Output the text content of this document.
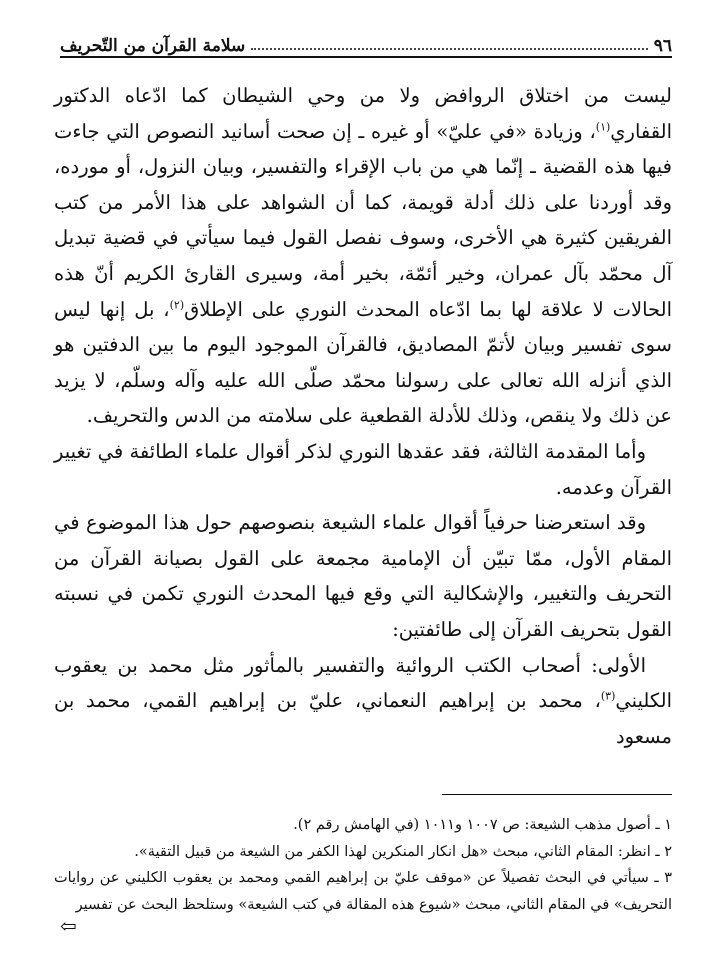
٩٦
سلامة القرآن من التّحريف

ليست من اختلاق الروافض ولا من وحي الشيطان كما ادّعاه الدكتور القفاري$^{(١)}$، وزيادة «في عليّ» أو غيره ـ إن صحت أسانيد النصوص التي جاءت فيها هذه القضية ـ إنّما هي من باب الإقراء والتفسير، وبيان النزول، أو مورده، وقد أوردنا على ذلك أدلة قويمة، كما أن الشواهد على هذا الأمر من كتب الفريقين كثيرة هي الأخرى، وسوف نفصل القول فيما سيأتي في قضية تبديل آل محمّد بآل عمران، وخير أئمّة، بخير أمة، وسيرى القارئ الكريم أنّ هذه الحالات لا علاقة لها بما ادّعاه المحدث النوري على الإطلاق$^{(٢)}$، بل إنها ليس سوى تفسير وبيان لأتمّ المصاديق، فالقرآن الموجود اليوم ما بين الدفتين هو الذي أنزله الله تعالى على رسولنا محمّد صلّى الله عليه وآله وسلّم، لا يزيد عن ذلك ولا ينقص، وذلك للأدلة القطعية على سلامته من الدس والتحريف.

وأما المقدمة الثالثة، فقد عقدها النوري لذكر أقوال علماء الطائفة في تغيير القرآن وعدمه.

وقد استعرضنا حرفياً أقوال علماء الشيعة بنصوصهم حول هذا الموضوع في المقام الأول، ممّا تبيّن أن الإمامية مجمعة على القول بصيانة القرآن من التحريف والتغيير، والإشكالية التي وقع فيها المحدث النوري تكمن في نسبته القول بتحريف القرآن إلى طائفتين:

الأولى: أصحاب الكتب الروائية والتفسير بالمأثور مثل محمد بن يعقوب الكليني$^{(٣)}$، محمد بن إبراهيم النعماني، عليّ بن إبراهيم القمي، محمد بن مسعود

١ ـ أصول مذهب الشيعة: ص ١٠٠٧ و١٠١١ (في الهامش رقم ٢).

٢ ـ انظر: المقام الثاني، مبحث «هل انكار المنكرين لهذا الكفر من الشيعة من قبيل التقية».

٣ ـ سيأتي في البحث تفصيلاً عن «موقف عليّ بن إبراهيم القمي ومحمد بن يعقوب الكليني عن روايات التحريف» في المقام الثاني، مبحث «شيوع هذه المقالة في كتب الشيعة» وستلحظ البحث عن تفسير

⇦
